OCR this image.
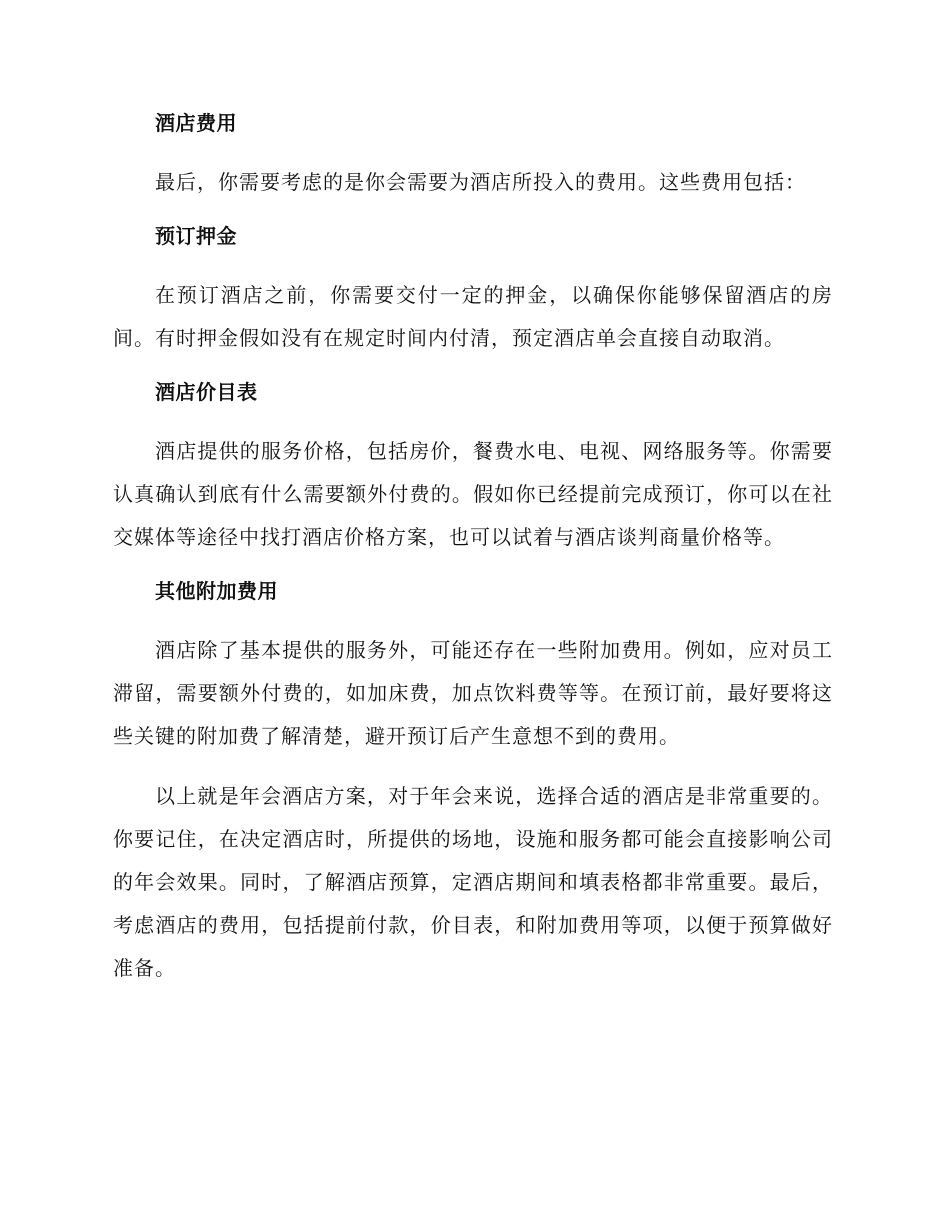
酒店费用

最后，你需要考虑的是你会需要为酒店所投入的费用。这些费用包括：

预订押金

在预订酒店之前，你需要交付一定的押金，以确保你能够保留酒店的房间。有时押金假如没有在规定时间内付清，预定酒店单会直接自动取消。

酒店价目表

酒店提供的服务价格，包括房价，餐费水电、电视、网络服务等。你需要认真确认到底有什么需要额外付费的。假如你已经提前完成预订，你可以在社交媒体等途径中找打酒店价格方案，也可以试着与酒店谈判商量价格等。

其他附加费用

酒店除了基本提供的服务外，可能还存在一些附加费用。例如，应对员工滞留，需要额外付费的，如加床费，加点饮料费等等。在预订前，最好要将这些关键的附加费了解清楚，避开预订后产生意想不到的费用。

以上就是年会酒店方案，对于年会来说，选择合适的酒店是非常重要的。你要记住，在决定酒店时，所提供的场地，设施和服务都可能会直接影响公司的年会效果。同时，了解酒店预算，定酒店期间和填表格都非常重要。最后，考虑酒店的费用，包括提前付款，价目表，和附加费用等项，以便于预算做好准备。
